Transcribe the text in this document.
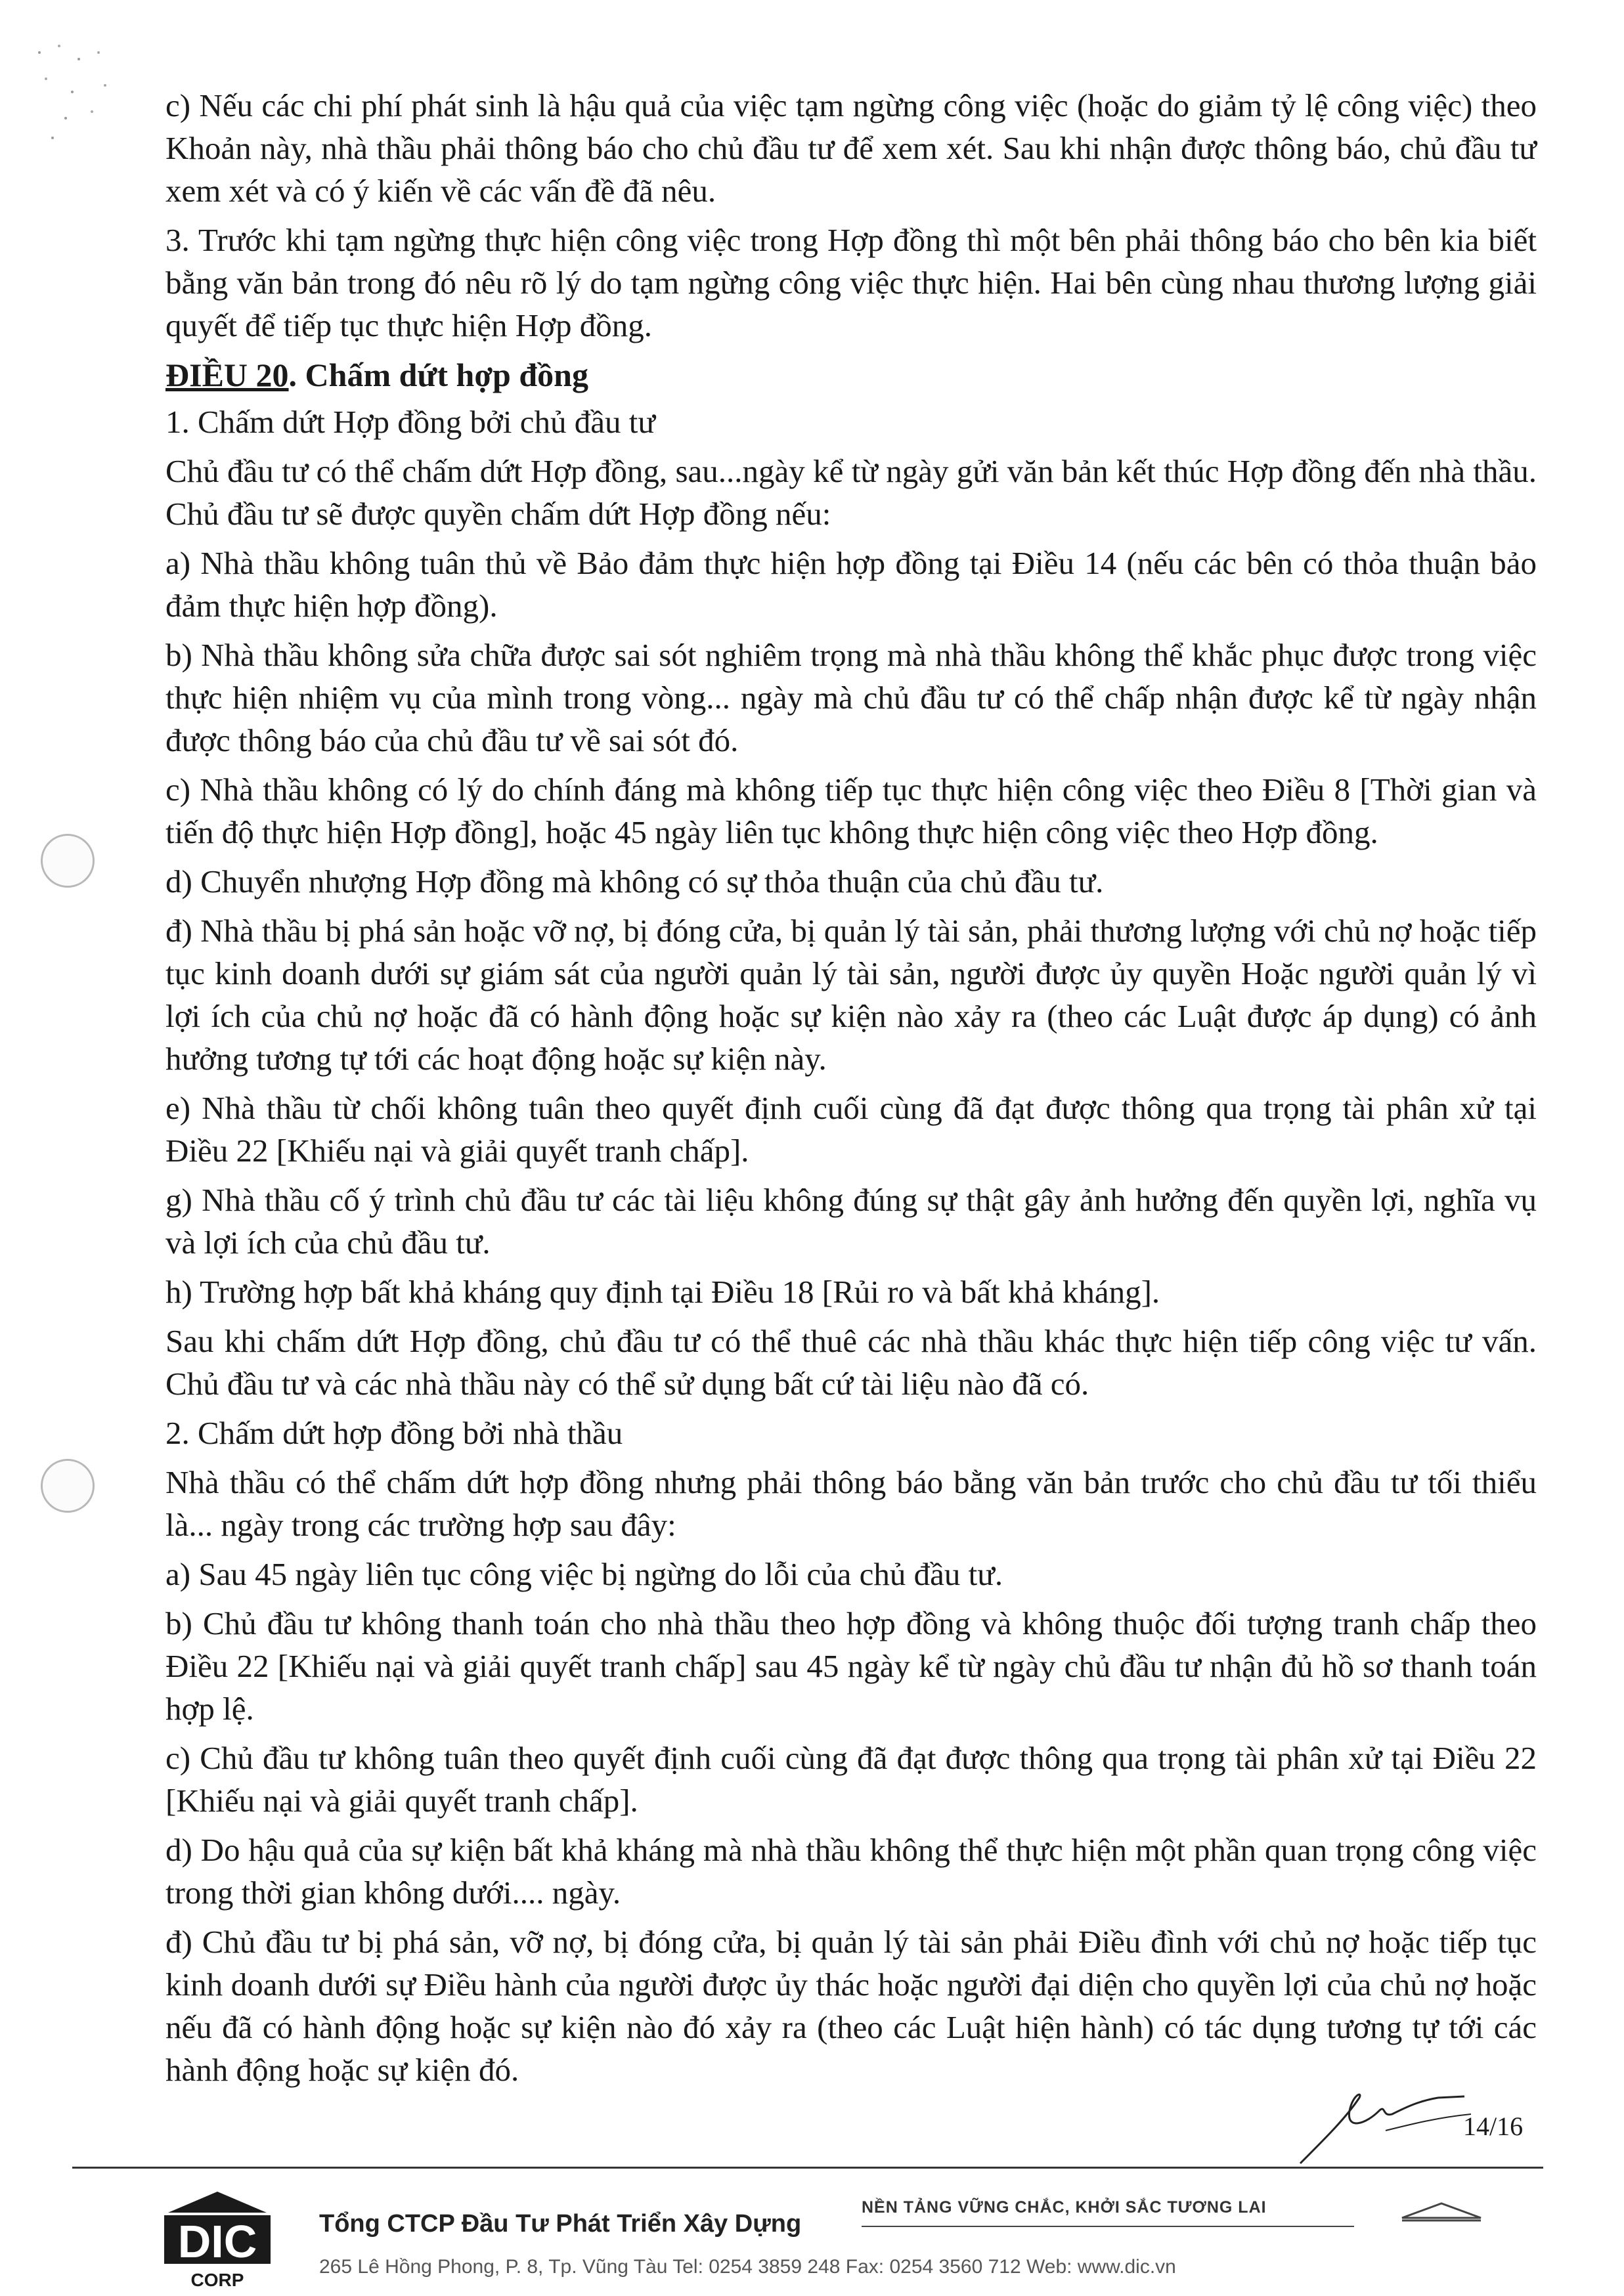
c) Nếu các chi phí phát sinh là hậu quả của việc tạm ngừng công việc (hoặc do giảm tỷ lệ công việc) theo Khoản này, nhà thầu phải thông báo cho chủ đầu tư để xem xét. Sau khi nhận được thông báo, chủ đầu tư xem xét và có ý kiến về các vấn đề đã nêu.

3. Trước khi tạm ngừng thực hiện công việc trong Hợp đồng thì một bên phải thông báo cho bên kia biết bằng văn bản trong đó nêu rõ lý do tạm ngừng công việc thực hiện. Hai bên cùng nhau thương lượng giải quyết để tiếp tục thực hiện Hợp đồng.

ĐIỀU 20. Chấm dứt hợp đồng

1. Chấm dứt Hợp đồng bởi chủ đầu tư

Chủ đầu tư có thể chấm dứt Hợp đồng, sau...ngày kể từ ngày gửi văn bản kết thúc Hợp đồng đến nhà thầu. Chủ đầu tư sẽ được quyền chấm dứt Hợp đồng nếu:

a) Nhà thầu không tuân thủ về Bảo đảm thực hiện hợp đồng tại Điều 14 (nếu các bên có thỏa thuận bảo đảm thực hiện hợp đồng).

b) Nhà thầu không sửa chữa được sai sót nghiêm trọng mà nhà thầu không thể khắc phục được trong việc thực hiện nhiệm vụ của mình trong vòng... ngày mà chủ đầu tư có thể chấp nhận được kể từ ngày nhận được thông báo của chủ đầu tư về sai sót đó.

c) Nhà thầu không có lý do chính đáng mà không tiếp tục thực hiện công việc theo Điều 8 [Thời gian và tiến độ thực hiện Hợp đồng], hoặc 45 ngày liên tục không thực hiện công việc theo Hợp đồng.

d) Chuyển nhượng Hợp đồng mà không có sự thỏa thuận của chủ đầu tư.

đ) Nhà thầu bị phá sản hoặc vỡ nợ, bị đóng cửa, bị quản lý tài sản, phải thương lượng với chủ nợ hoặc tiếp tục kinh doanh dưới sự giám sát của người quản lý tài sản, người được ủy quyền Hoặc người quản lý vì lợi ích của chủ nợ hoặc đã có hành động hoặc sự kiện nào xảy ra (theo các Luật được áp dụng) có ảnh hưởng tương tự tới các hoạt động hoặc sự kiện này.

e) Nhà thầu từ chối không tuân theo quyết định cuối cùng đã đạt được thông qua trọng tài phân xử tại Điều 22 [Khiếu nại và giải quyết tranh chấp].

g) Nhà thầu cố ý trình chủ đầu tư các tài liệu không đúng sự thật gây ảnh hưởng đến quyền lợi, nghĩa vụ và lợi ích của chủ đầu tư.

h) Trường hợp bất khả kháng quy định tại Điều 18 [Rủi ro và bất khả kháng].

Sau khi chấm dứt Hợp đồng, chủ đầu tư có thể thuê các nhà thầu khác thực hiện tiếp công việc tư vấn. Chủ đầu tư và các nhà thầu này có thể sử dụng bất cứ tài liệu nào đã có.

2. Chấm dứt hợp đồng bởi nhà thầu

Nhà thầu có thể chấm dứt hợp đồng nhưng phải thông báo bằng văn bản trước cho chủ đầu tư tối thiểu là... ngày trong các trường hợp sau đây:

a) Sau 45 ngày liên tục công việc bị ngừng do lỗi của chủ đầu tư.

b) Chủ đầu tư không thanh toán cho nhà thầu theo hợp đồng và không thuộc đối tượng tranh chấp theo Điều 22 [Khiếu nại và giải quyết tranh chấp] sau 45 ngày kể từ ngày chủ đầu tư nhận đủ hồ sơ thanh toán hợp lệ.

c) Chủ đầu tư không tuân theo quyết định cuối cùng đã đạt được thông qua trọng tài phân xử tại Điều 22 [Khiếu nại và giải quyết tranh chấp].

d) Do hậu quả của sự kiện bất khả kháng mà nhà thầu không thể thực hiện một phần quan trọng công việc trong thời gian không dưới.... ngày.

đ) Chủ đầu tư bị phá sản, vỡ nợ, bị đóng cửa, bị quản lý tài sản phải Điều đình với chủ nợ hoặc tiếp tục kinh doanh dưới sự Điều hành của người được ủy thác hoặc người đại diện cho quyền lợi của chủ nợ hoặc nếu đã có hành động hoặc sự kiện nào đó xảy ra (theo các Luật hiện hành) có tác dụng tương tự tới các hành động hoặc sự kiện đó.

14/16
DIC
CORP
Tổng CTCP Đầu Tư Phát Triển Xây Dựng
NỀN TẢNG VỮNG CHẮC, KHỞI SẮC TƯƠNG LAI
265 Lê Hồng Phong, P. 8, Tp. Vũng Tàu Tel: 0254 3859 248 Fax: 0254 3560 712 Web: www.dic.vn
